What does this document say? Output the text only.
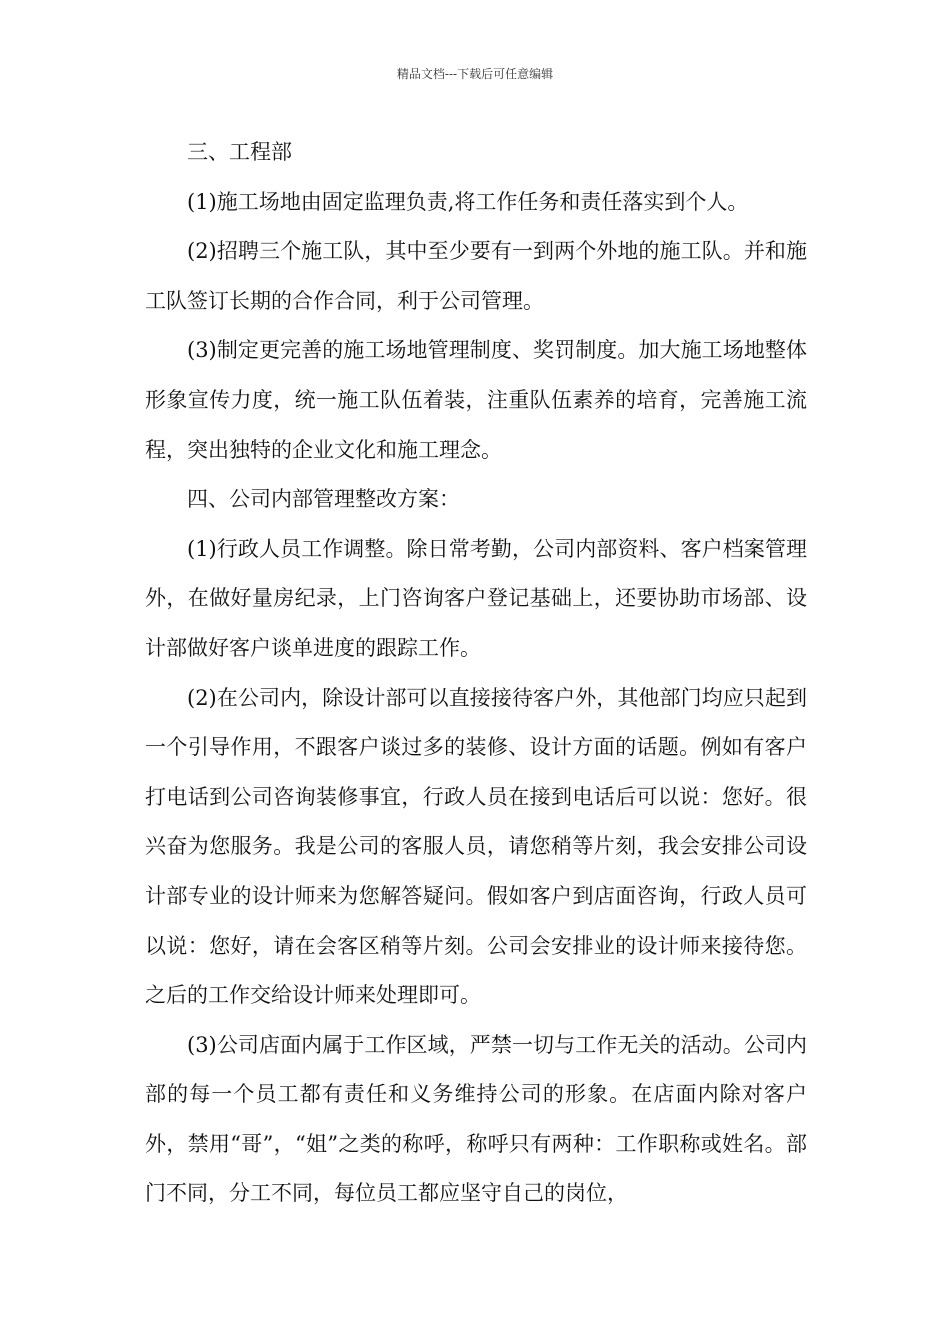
精品文档---下载后可任意编辑

三、工程部

(1)施工场地由固定监理负责,将工作任务和责任落实到个人。

(2)招聘三个施工队，其中至少要有一到两个外地的施工队。并和施工队签订长期的合作合同，利于公司管理。

(3)制定更完善的施工场地管理制度、奖罚制度。加大施工场地整体形象宣传力度，统一施工队伍着装，注重队伍素养的培育，完善施工流程，突出独特的企业文化和施工理念。

四、公司内部管理整改方案：

(1)行政人员工作调整。除日常考勤，公司内部资料、客户档案管理外，在做好量房纪录，上门咨询客户登记基础上，还要协助市场部、设计部做好客户谈单进度的跟踪工作。

(2)在公司内，除设计部可以直接接待客户外，其他部门均应只起到一个引导作用，不跟客户谈过多的装修、设计方面的话题。例如有客户打电话到公司咨询装修事宜，行政人员在接到电话后可以说：您好。很兴奋为您服务。我是公司的客服人员，请您稍等片刻，我会安排公司设计部专业的设计师来为您解答疑问。假如客户到店面咨询，行政人员可以说：您好，请在会客区稍等片刻。公司会安排业的设计师来接待您。之后的工作交给设计师来处理即可。

(3)公司店面内属于工作区域，严禁一切与工作无关的活动。公司内部的每一个员工都有责任和义务维持公司的形象。在店面内除对客户外，禁用“哥”，“姐”之类的称呼，称呼只有两种：工作职称或姓名。部门不同，分工不同，每位员工都应坚守自己的岗位，
